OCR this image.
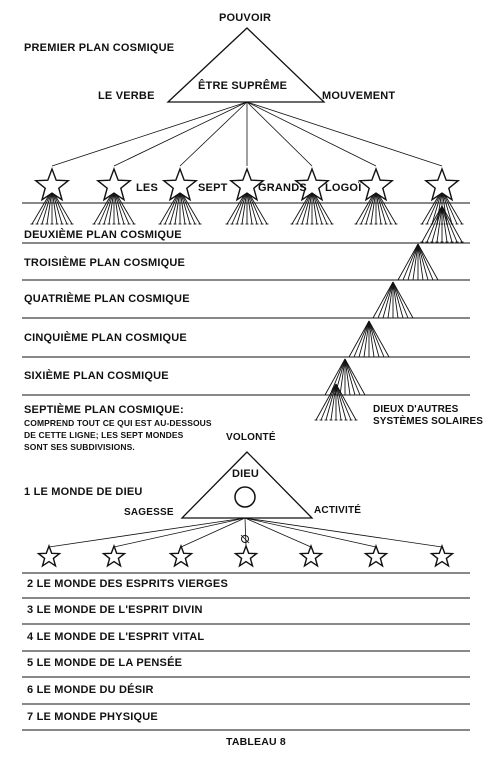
POUVOIR
PREMIER PLAN COSMIQUE
LE VERBE
ÊTRE SUPRÊME
MOUVEMENT
LES	SEPT	GRANDS LOGOÏ
DEUXIÈME PLAN COSMIQUE
TROISIÈME PLAN COSMIQUE
QUATRIÈME PLAN COSMIQUE
CINQUIÈME PLAN COSMIQUE
SIXIÈME PLAN COSMIQUE
SEPTIÈME PLAN COSMIQUE:
COMPREND TOUT CE QUI EST AU-DESSOUS
DE CETTE LIGNE; LES SEPT MONDES
SONT SES SUBDIVISIONS.
DIEUX D'AUTRES
SYSTÈMES SOLAIRES
VOLONTÉ
DIEU
SAGESSE	ACTIVITÉ
1 LE MONDE DE DIEU
2 LE MONDE DES ESPRITS VIERGES
3 LE MONDE DE L'ESPRIT DIVIN
4 LE MONDE DE L'ESPRIT VITAL
5 LE MONDE DE LA PENSÉE
6 LE MONDE DU DÉSIR
7 LE MONDE PHYSIQUE
TABLEAU 8
